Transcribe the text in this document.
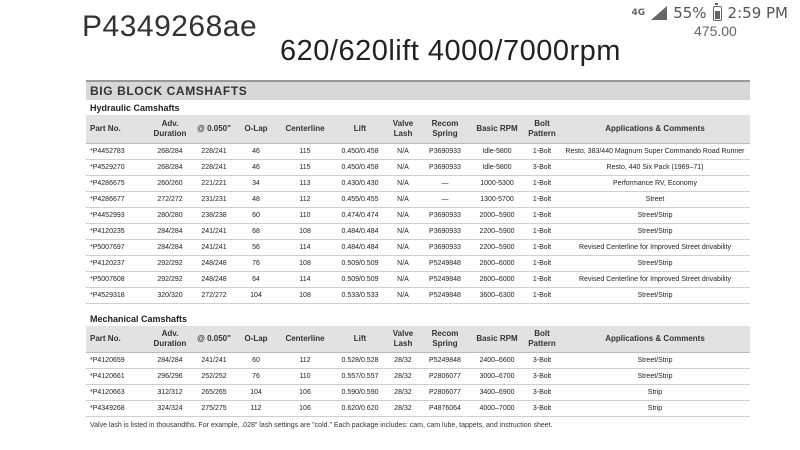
4G 55% 2:59 PM
P4349268ae
620/620lift 4000/7000rpm
475.00
BIG BLOCK CAMSHAFTS
Hydraulic Camshafts
Part No.	Adv. Duration	@ 0.050"	O-Lap	Centerline	Lift	Valve Lash	Recom Spring	Basic RPM	Bolt Pattern	Applications & Comments
*P4452783	268/284	228/241	46	115	0.450/0.458	N/A	P3690933	Idle-5800	1-Bolt	Resto, 383/440 Magnum Super Commando Road Runner
*P4529270	268/284	228/241	46	115	0.450/0.458	N/A	P3690933	Idle-5800	3-Bolt	Resto, 440 Six Pack (1969–71)
*P4286675	260/260	221/221	34	113	0.430/0.430	N/A	—	1000-5300	1-Bolt	Performance RV, Economy
*P4286677	272/272	231/231	48	112	0.455/0.455	N/A	—	1300-5700	1-Bolt	Street
*P4452993	280/280	238/238	60	110	0.474/0.474	N/A	P3690933	2000–5900	1-Bolt	Street/Strip
*P4120235	284/284	241/241	68	108	0.484/0.484	N/A	P3690933	2200–5900	1-Bolt	Street/Strip
*P5007697	284/284	241/241	56	114	0.484/0.484	N/A	P3690933	2200–5900	1-Bolt	Revised Centerline for Improved Street drivability
*P4120237	292/292	248/248	76	108	0.509/0.509	N/A	P5249848	2600–6000	1-Bolt	Street/Strip
*P5007608	292/292	248/248	64	114	0.509/0.509	N/A	P5249848	2600–6000	1-Bolt	Revised Centerline for Improved Street drivability
*P4529318	320/320	272/272	104	108	0.533/0.533	N/A	P5249848	3600–6300	1-Bolt	Street/Strip
Mechanical Camshafts
Part No.	Adv. Duration	@ 0.050"	O-Lap	Centerline	Lift	Valve Lash	Recom Spring	Basic RPM	Bolt Pattern	Applications & Comments
*P4120659	284/284	241/241	60	112	0.528/0.528	28/32	P5249848	2400–6600	3-Bolt	Street/Strip
*P4120661	296/296	252/252	76	110	0.557/0.557	28/32	P2806077	3000–6700	3-Bolt	Street/Strip
*P4120663	312/312	265/265	104	106	0.590/0.590	28/32	P2806077	3400–6900	3-Bolt	Strip
*P4349268	324/324	275/275	112	106	0.620/0.620	28/32	P4876064	4000–7000	3-Bolt	Strip
Valve lash is listed in thousandths. For example, .028" lash settings are "cold." Each package includes: cam, cam lube, tappets, and instruction sheet.
